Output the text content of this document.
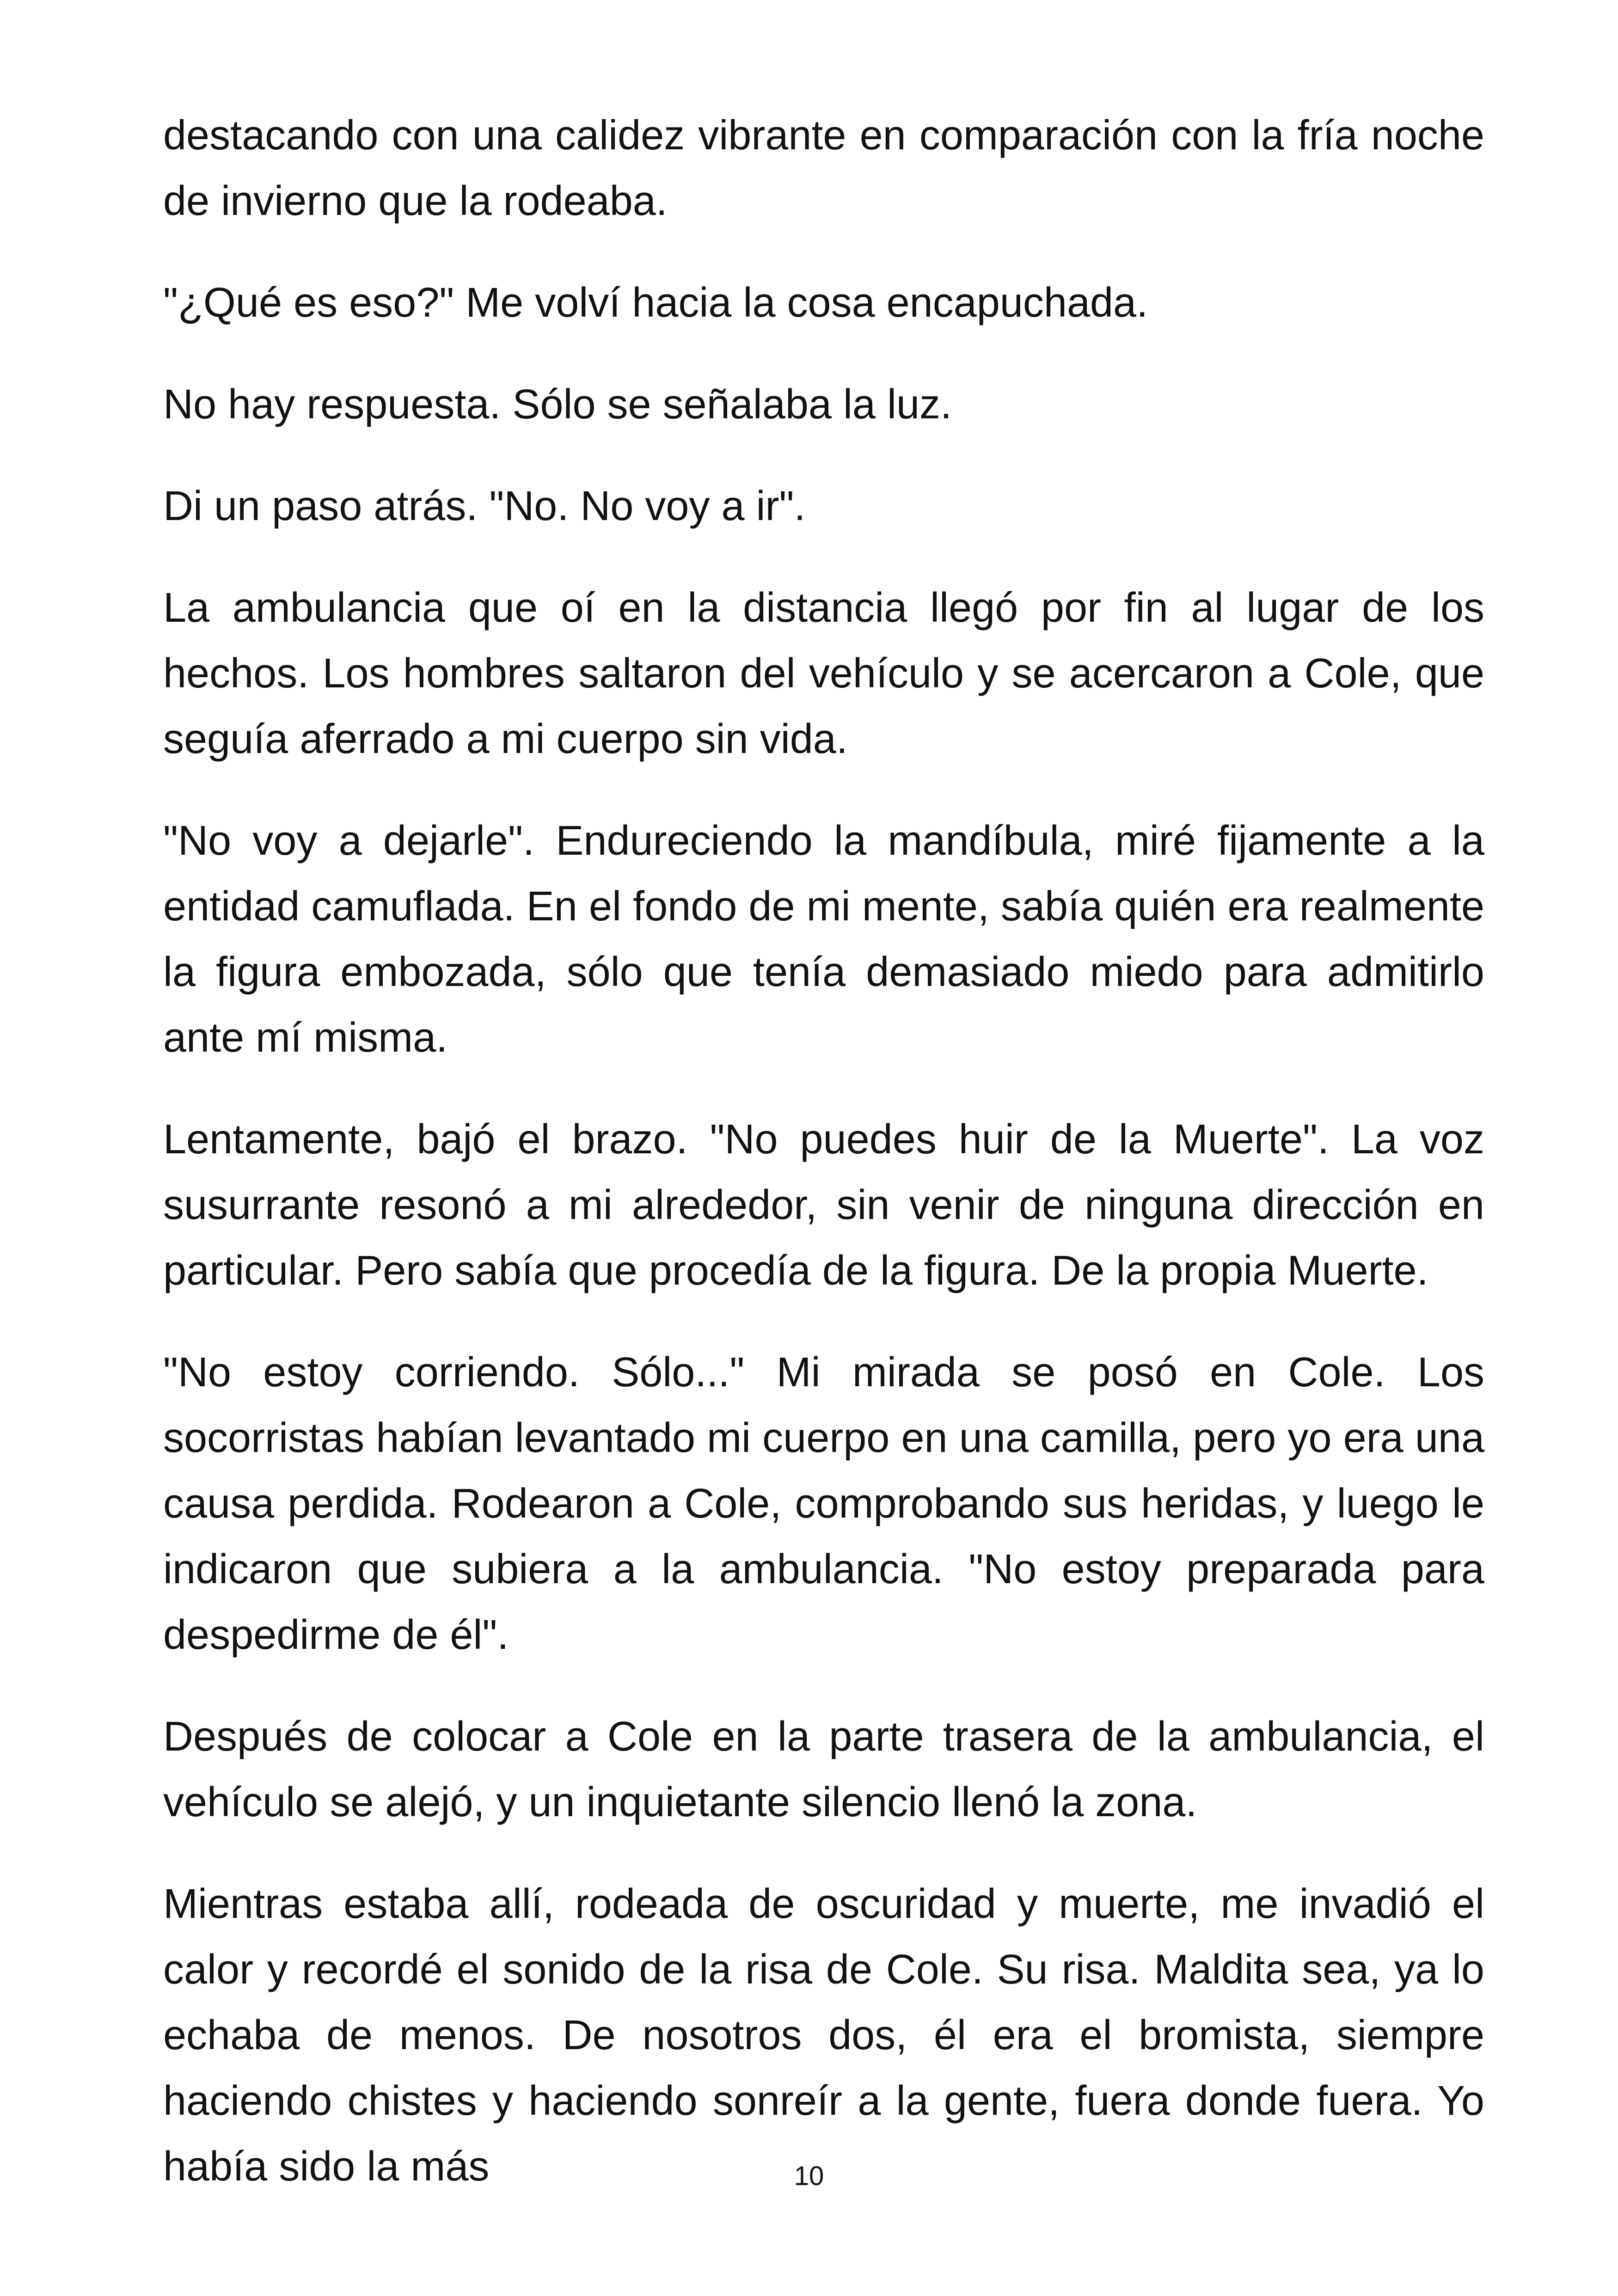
destacando con una calidez vibrante en comparación con la fría noche de invierno que la rodeaba.

"¿Qué es eso?" Me volví hacia la cosa encapuchada.

No hay respuesta. Sólo se señalaba la luz.

Di un paso atrás. "No. No voy a ir".

La ambulancia que oí en la distancia llegó por fin al lugar de los hechos. Los hombres saltaron del vehículo y se acercaron a Cole, que seguía aferrado a mi cuerpo sin vida.

"No voy a dejarle". Endureciendo la mandíbula, miré fijamente a la entidad camuflada. En el fondo de mi mente, sabía quién era realmente la figura embozada, sólo que tenía demasiado miedo para admitirlo ante mí misma.

Lentamente, bajó el brazo. "No puedes huir de la Muerte". La voz susurrante resonó a mi alrededor, sin venir de ninguna dirección en particular. Pero sabía que procedía de la figura. De la propia Muerte.

"No estoy corriendo. Sólo..." Mi mirada se posó en Cole. Los socorristas habían levantado mi cuerpo en una camilla, pero yo era una causa perdida. Rodearon a Cole, comprobando sus heridas, y luego le indicaron que subiera a la ambulancia. "No estoy preparada para despedirme de él".

Después de colocar a Cole en la parte trasera de la ambulancia, el vehículo se alejó, y un inquietante silencio llenó la zona.

Mientras estaba allí, rodeada de oscuridad y muerte, me invadió el calor y recordé el sonido de la risa de Cole. Su risa. Maldita sea, ya lo echaba de menos. De nosotros dos, él era el bromista, siempre haciendo chistes y haciendo sonreír a la gente, fuera donde fuera. Yo había sido la más	10
